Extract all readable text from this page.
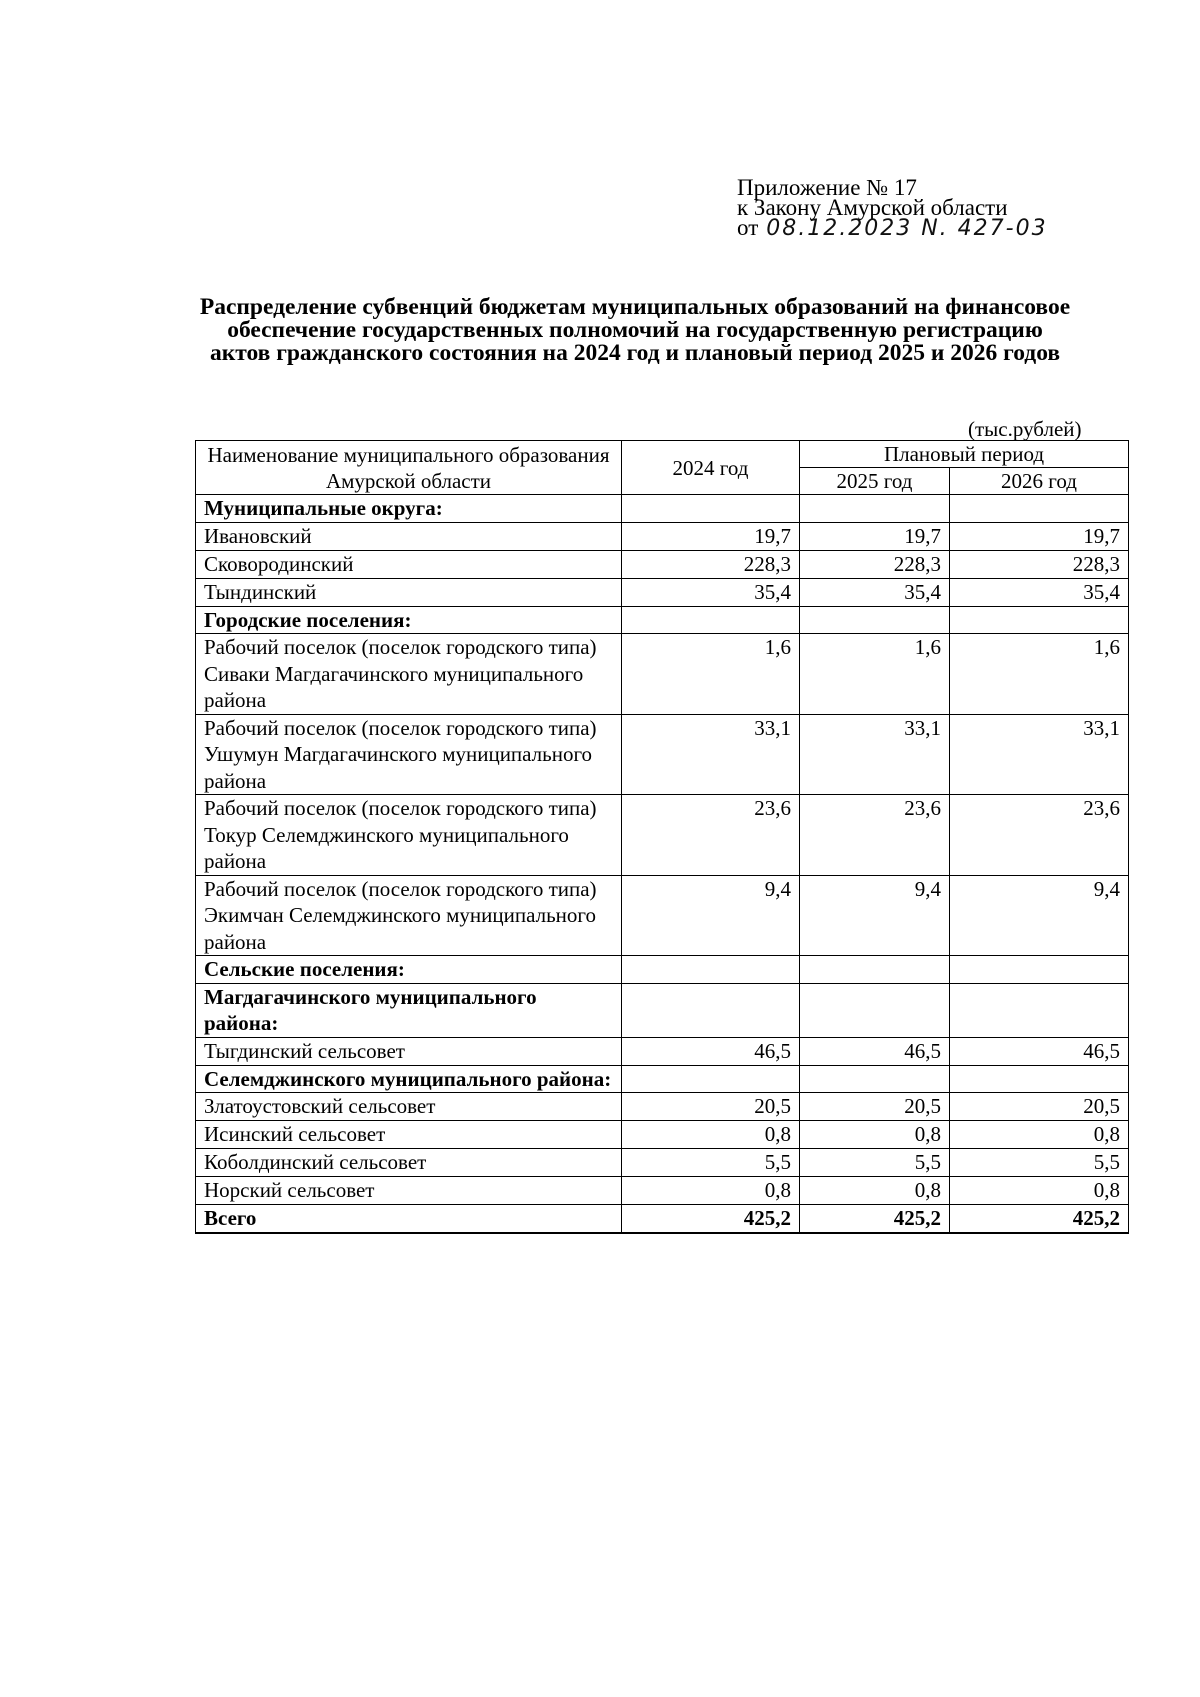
Приложение № 17
к Закону Амурской области
от 08.12.2023 N. 427-03
Распределение субвенций бюджетам муниципальных образований на финансовое обеспечение государственных полномочий на государственную регистрацию актов гражданского состояния на 2024 год и плановый период 2025 и 2026 годов
(тыс.рублей)
Наименование муниципального образования Амурской области	2024 год	Плановый период	
		2025 год	2026 год
Муниципальные округа:			
Ивановский	19,7	19,7	19,7
Сковородинский	228,3	228,3	228,3
Тындинский	35,4	35,4	35,4
Городские поселения:			
Рабочий поселок (поселок городского типа) Сиваки Магдагачинского муниципального района	1,6	1,6	1,6
Рабочий поселок (поселок городского типа) Ушумун Магдагачинского муниципального района	33,1	33,1	33,1
Рабочий поселок (поселок городского типа) Токур Селемджинского муниципального района	23,6	23,6	23,6
Рабочий поселок (поселок городского типа) Экимчан Селемджинского муниципального района	9,4	9,4	9,4
Сельские поселения:			
Магдагачинского муниципального района:			
Тыгдинский сельсовет	46,5	46,5	46,5
Селемджинского муниципального района:			
Златоустовский сельсовет	20,5	20,5	20,5
Исинский сельсовет	0,8	0,8	0,8
Коболдинский сельсовет	5,5	5,5	5,5
Норский сельсовет	0,8	0,8	0,8
Всего	425,2	425,2	425,2
